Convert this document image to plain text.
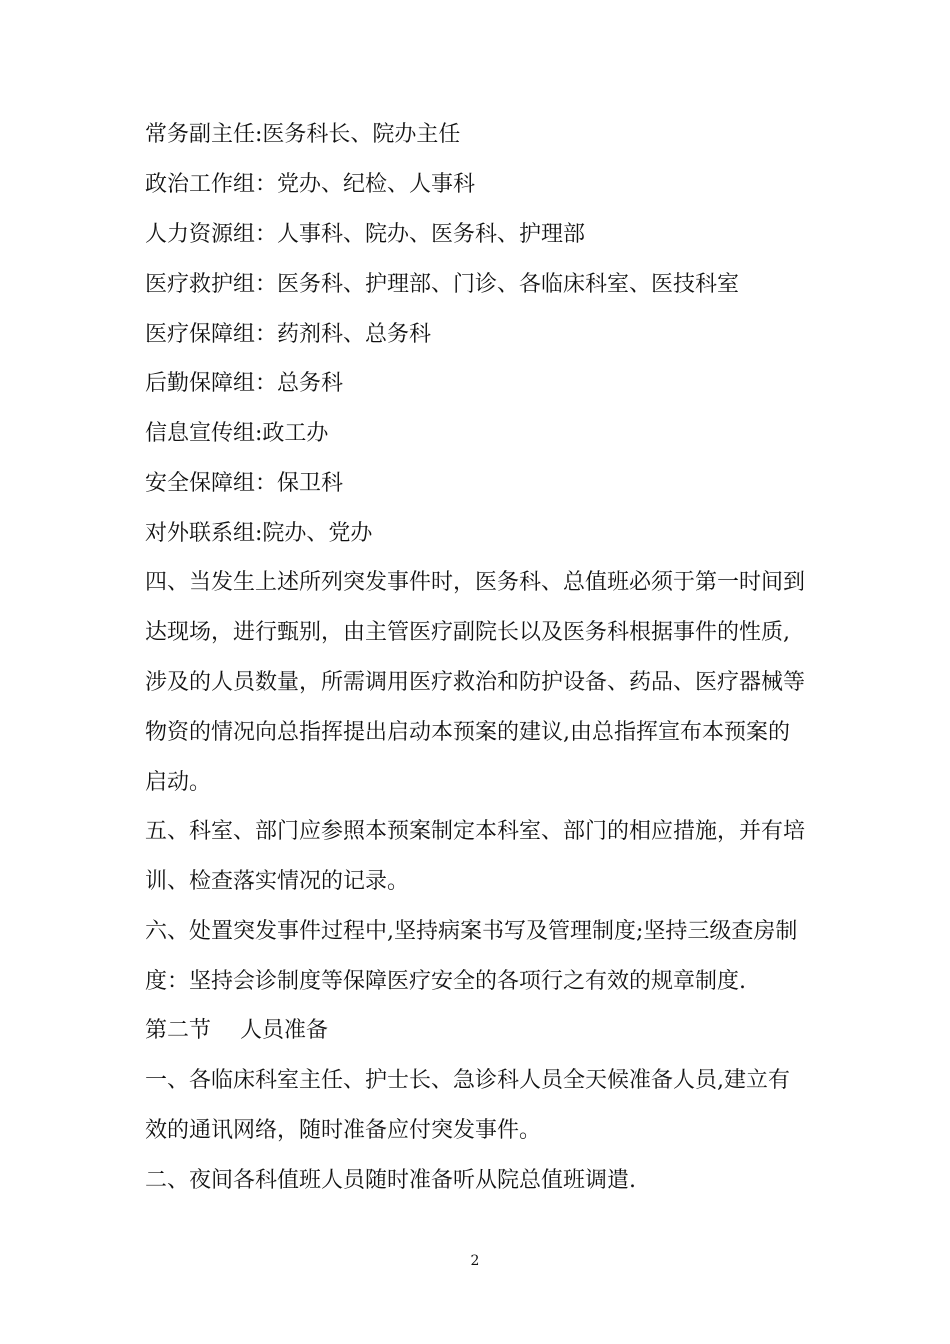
常务副主任:医务科长、院办主任
政治工作组：党办、纪检、人事科
人力资源组：人事科、院办、医务科、护理部
医疗救护组：医务科、护理部、门诊、各临床科室、医技科室
医疗保障组：药剂科、总务科
后勤保障组：总务科
信息宣传组:政工办
安全保障组：保卫科
对外联系组:院办、党办
四、当发生上述所列突发事件时，医务科、总值班必须于第一时间到
达现场，进行甄别，由主管医疗副院长以及医务科根据事件的性质,
涉及的人员数量，所需调用医疗救治和防护设备、药品、医疗器械等
物资的情况向总指挥提出启动本预案的建议,由总指挥宣布本预案的
启动。
五、科室、部门应参照本预案制定本科室、部门的相应措施，并有培
训、检查落实情况的记录。
六、处置突发事件过程中,坚持病案书写及管理制度;坚持三级查房制
度：坚持会诊制度等保障医疗安全的各项行之有效的规章制度.
第二节　 人员准备
一、各临床科室主任、护士长、急诊科人员全天候准备人员,建立有
效的通讯网络，随时准备应付突发事件。
二、夜间各科值班人员随时准备听从院总值班调遣.
2
